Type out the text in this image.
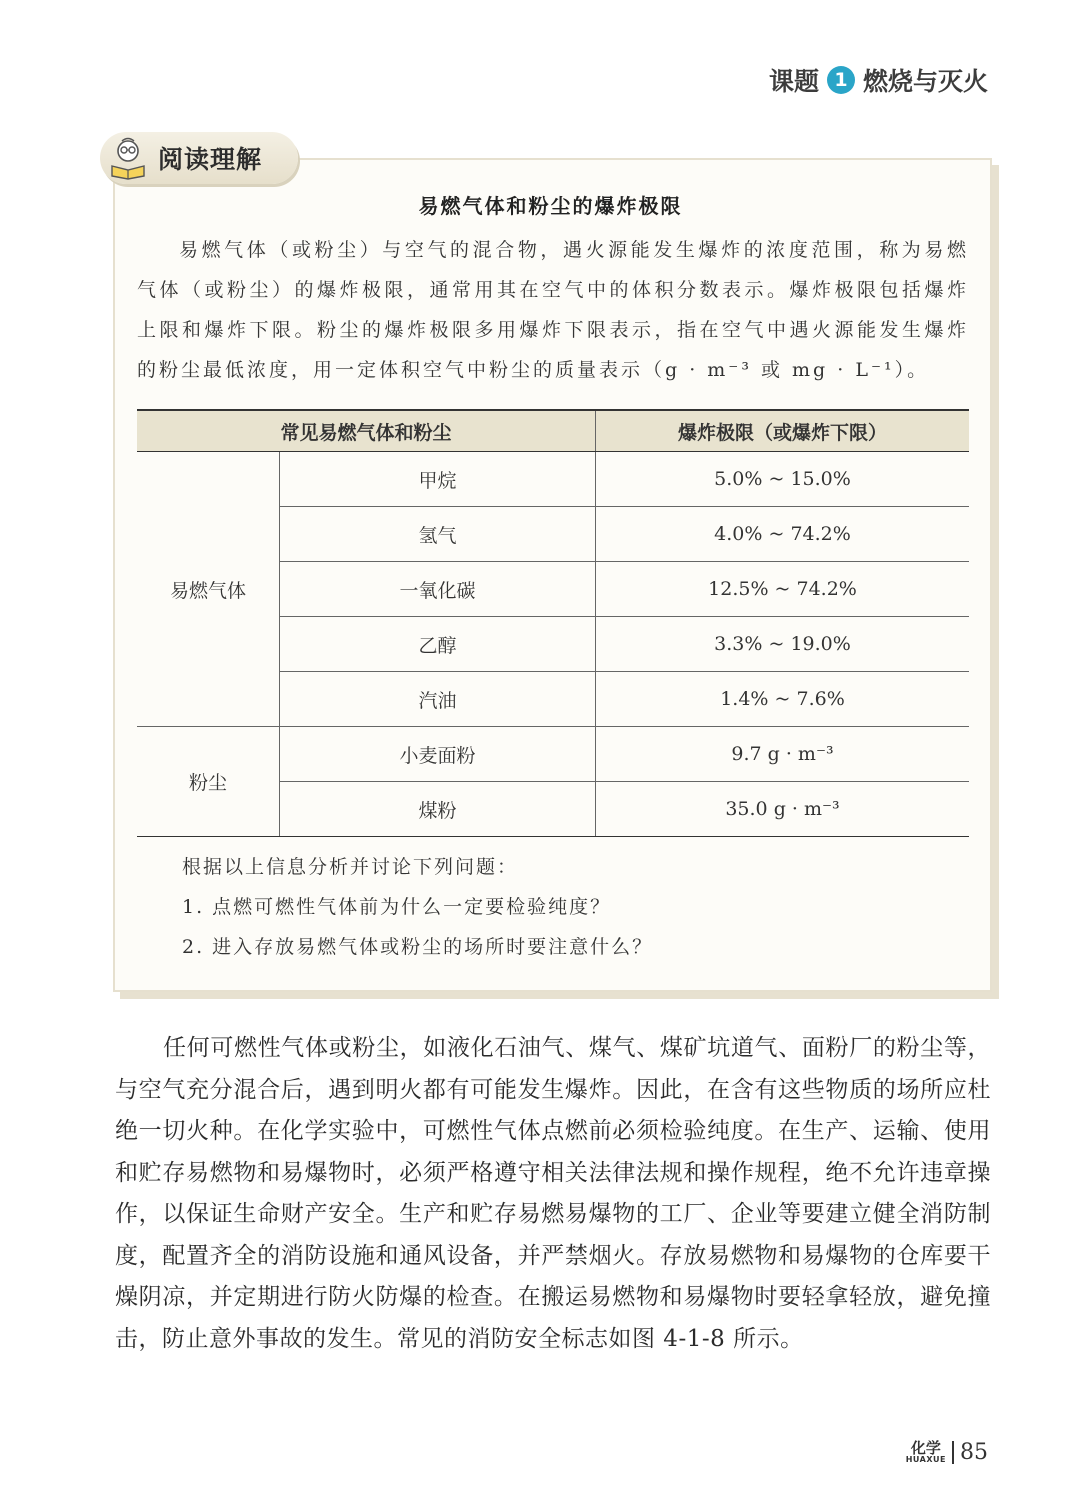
课题 1 燃烧与灭火
阅读理解
易燃气体和粉尘的爆炸极限

易燃气体（或粉尘）与空气的混合物，遇火源能发生爆炸的浓度范围，称为易燃气体（或粉尘）的爆炸极限，通常用其在空气中的体积分数表示。爆炸极限包括爆炸上限和爆炸下限。粉尘的爆炸极限多用爆炸下限表示，指在空气中遇火源能发生爆炸的粉尘最低浓度，用一定体积空气中粉尘的质量表示（g · m⁻³ 或 mg · L⁻¹）。

常见易燃气体和粉尘		爆炸极限（或爆炸下限）
易燃气体	甲烷	5.0% ~ 15.0%
	氢气	4.0% ~ 74.2%
	一氧化碳	12.5% ~ 74.2%
	乙醇	3.3% ~ 19.0%
	汽油	1.4% ~ 7.6%
粉尘	小麦面粉	9.7 g · m⁻³
	煤粉	35.0 g · m⁻³
根据以上信息分析并讨论下列问题：
1. 点燃可燃性气体前为什么一定要检验纯度？
2. 进入存放易燃气体或粉尘的场所时要注意什么？

任何可燃性气体或粉尘，如液化石油气、煤气、煤矿坑道气、面粉厂的粉尘等，与空气充分混合后，遇到明火都有可能发生爆炸。因此，在含有这些物质的场所应杜绝一切火种。在化学实验中，可燃性气体点燃前必须检验纯度。在生产、运输、使用和贮存易燃物和易爆物时，必须严格遵守相关法律法规和操作规程，绝不允许违章操作，以保证生命财产安全。生产和贮存易燃易爆物的工厂、企业等要建立健全消防制度，配置齐全的消防设施和通风设备，并严禁烟火。存放易燃物和易爆物的仓库要干燥阴凉，并定期进行防火防爆的检查。在搬运易燃物和易爆物时要轻拿轻放，避免撞击，防止意外事故的发生。常见的消防安全标志如图 4-1-8 所示。

化学
HUAXUE 85
